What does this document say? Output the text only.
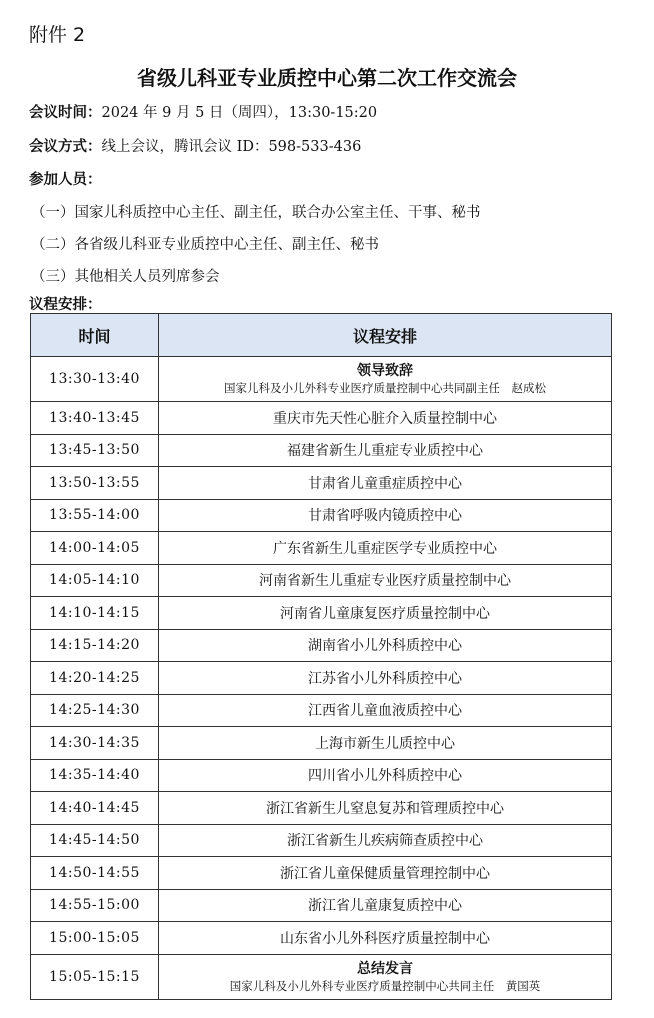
附件 2
省级儿科亚专业质控中心第二次工作交流会
会议时间：2024 年 9 月 5 日（周四），13:30-15:20
会议方式：线上会议，腾讯会议 ID：598-533-436
参加人员：
（一）国家儿科质控中心主任、副主任，联合办公室主任、干事、秘书
（二）各省级儿科亚专业质控中心主任、副主任、秘书
（三）其他相关人员列席参会
议程安排：
时间	议程安排
13:30-13:40	领导致辞
国家儿科及小儿外科专业医疗质量控制中心共同副主任　赵成松

13:40-13:45	重庆市先天性心脏介入质量控制中心
13:45-13:50	福建省新生儿重症专业质控中心
13:50-13:55	甘肃省儿童重症质控中心
13:55-14:00	甘肃省呼吸内镜质控中心
14:00-14:05	广东省新生儿重症医学专业质控中心
14:05-14:10	河南省新生儿重症专业医疗质量控制中心
14:10-14:15	河南省儿童康复医疗质量控制中心
14:15-14:20	湖南省小儿外科质控中心
14:20-14:25	江苏省小儿外科质控中心
14:25-14:30	江西省儿童血液质控中心
14:30-14:35	上海市新生儿质控中心
14:35-14:40	四川省小儿外科质控中心
14:40-14:45	浙江省新生儿窒息复苏和管理质控中心
14:45-14:50	浙江省新生儿疾病筛查质控中心
14:50-14:55	浙江省儿童保健质量管理控制中心
14:55-15:00	浙江省儿童康复质控中心
15:00-15:05	山东省小儿外科医疗质量控制中心
15:05-15:15	总结发言
国家儿科及小儿外科专业医疗质量控制中心共同主任　黄国英
